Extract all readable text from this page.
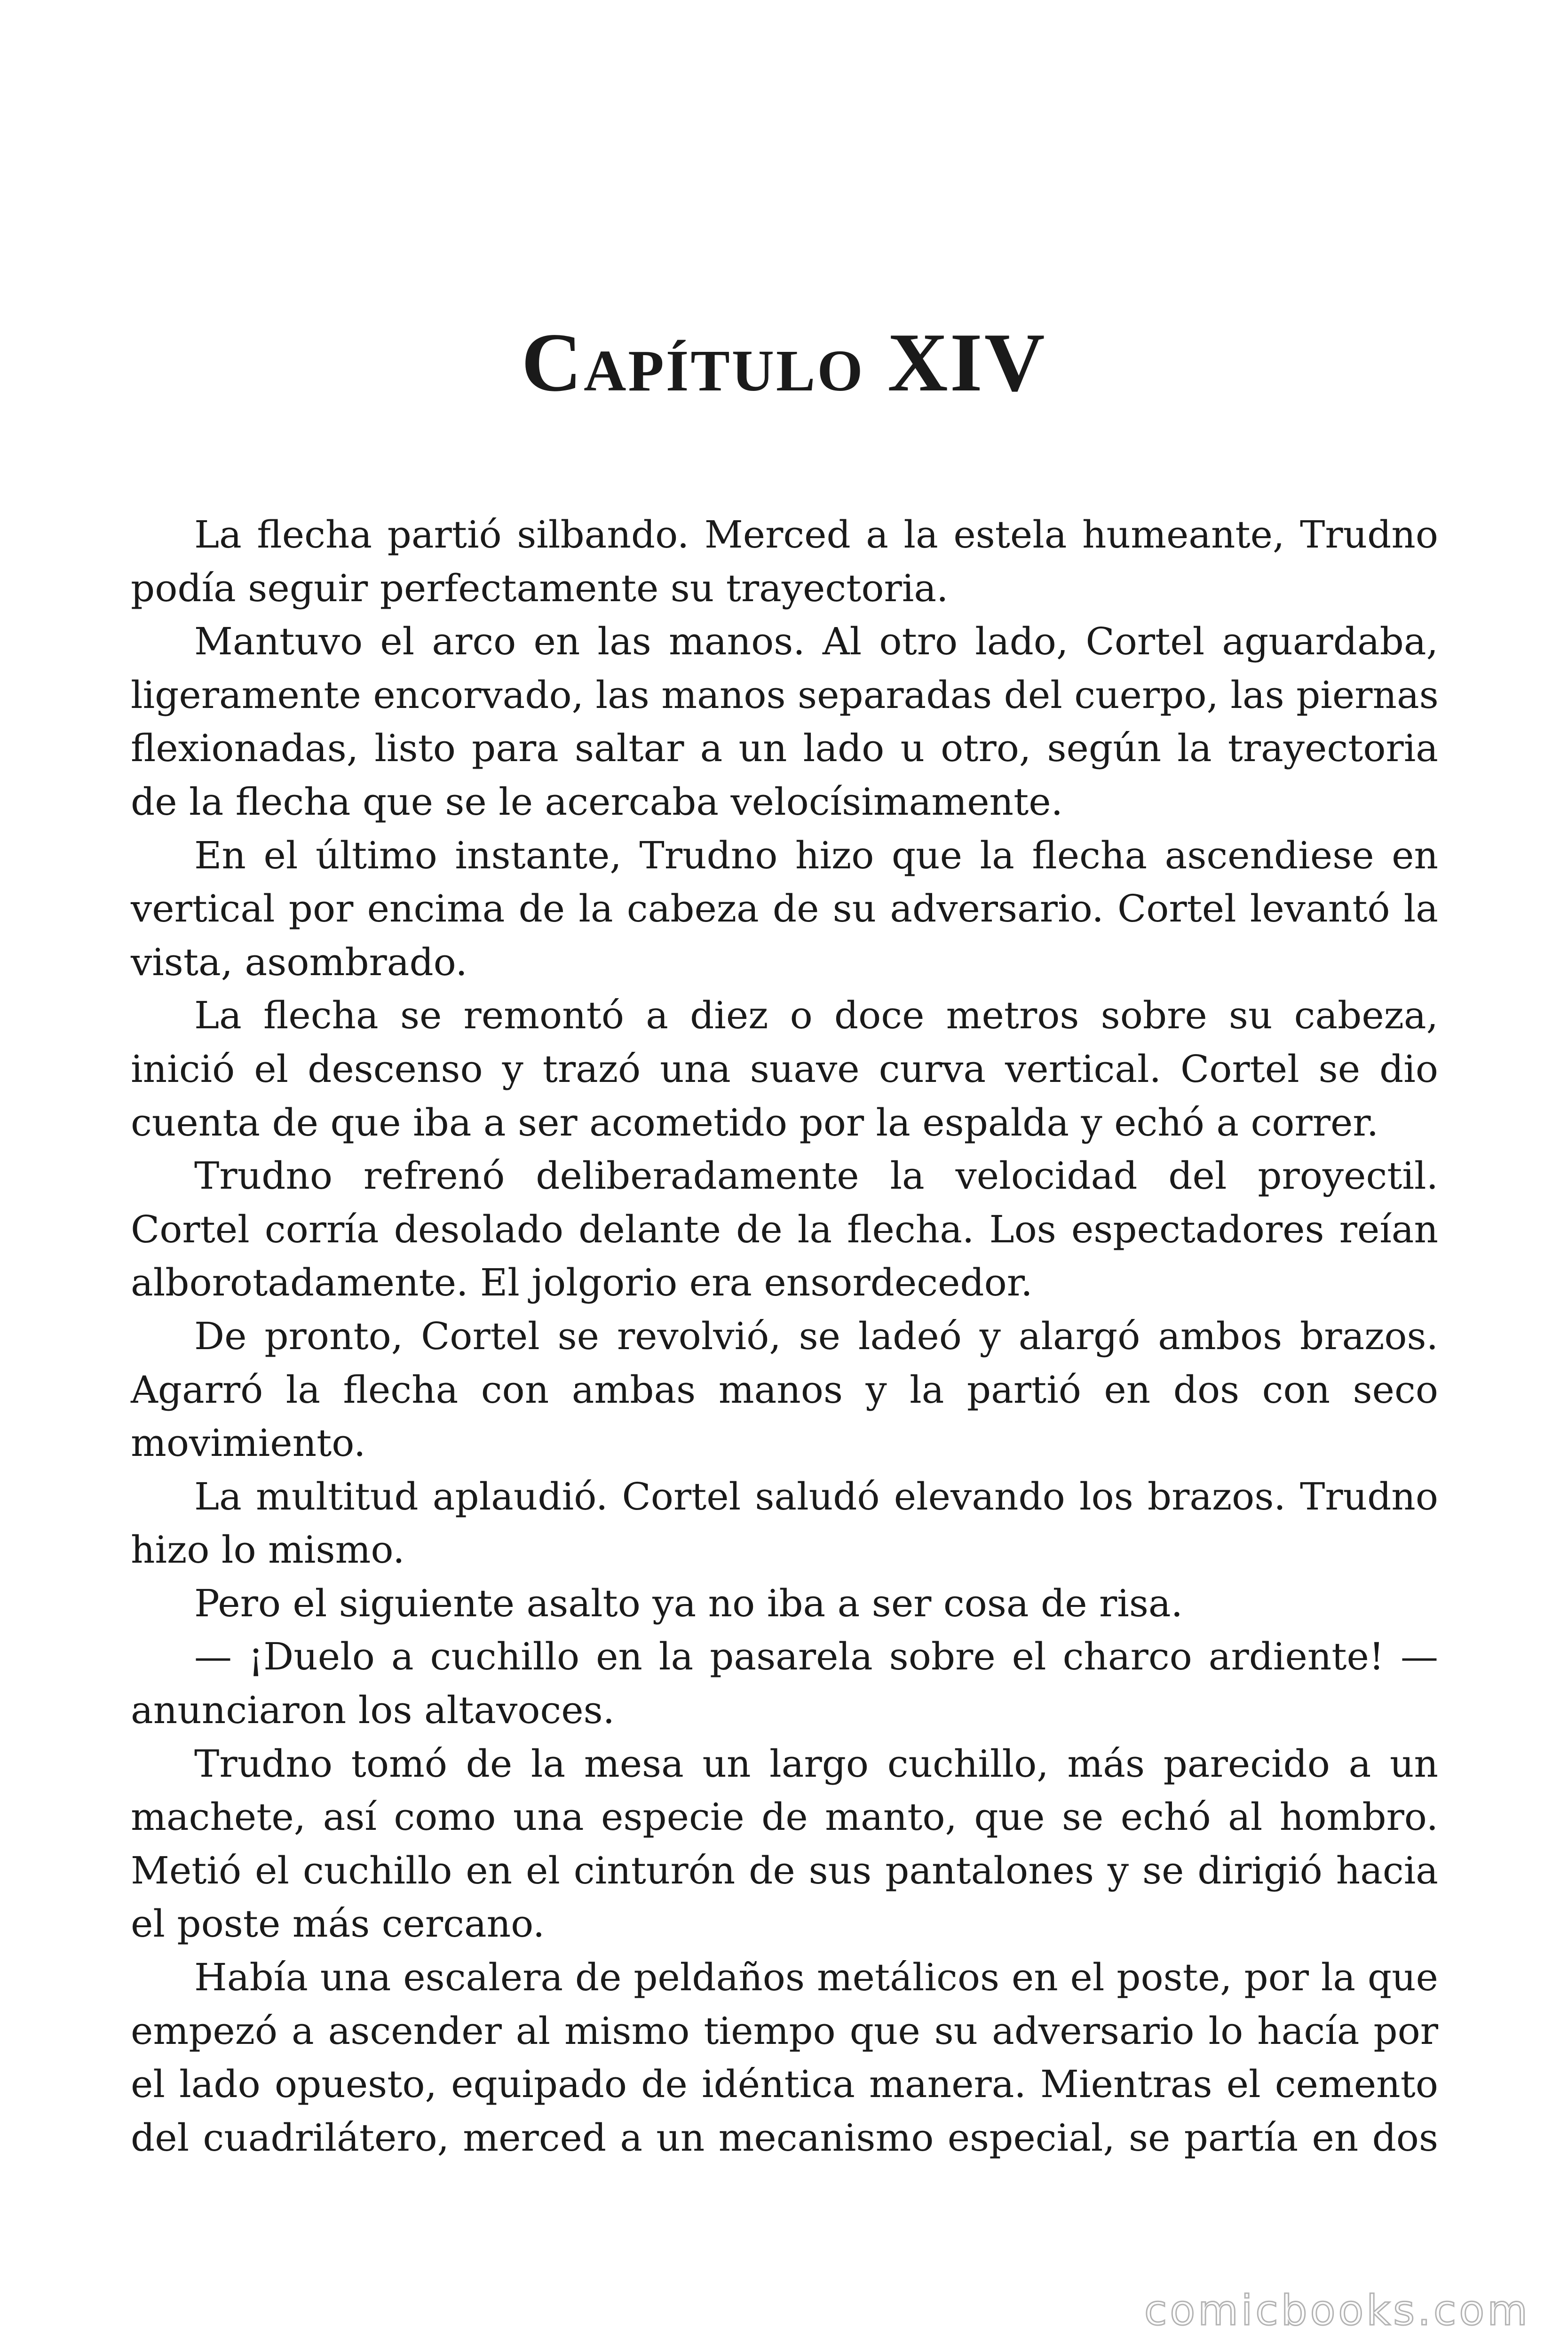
Capítulo XIV
La flecha partió silbando. Merced a la estela humeante, Trudno
podía seguir perfectamente su trayectoria.
Mantuvo el arco en las manos. Al otro lado, Cortel aguardaba,
ligeramente encorvado, las manos separadas del cuerpo, las piernas
flexionadas, listo para saltar a un lado u otro, según la trayectoria
de la flecha que se le acercaba velocísimamente.
En el último instante, Trudno hizo que la flecha ascendiese en
vertical por encima de la cabeza de su adversario. Cortel levantó la
vista, asombrado.
La flecha se remontó a diez o doce metros sobre su cabeza,
inició el descenso y trazó una suave curva vertical. Cortel se dio
cuenta de que iba a ser acometido por la espalda y echó a correr.
Trudno refrenó deliberadamente la velocidad del proyectil.
Cortel corría desolado delante de la flecha. Los espectadores reían
alborotadamente. El jolgorio era ensordecedor.
De pronto, Cortel se revolvió, se ladeó y alargó ambos brazos.
Agarró la flecha con ambas manos y la partió en dos con seco
movimiento.
La multitud aplaudió. Cortel saludó elevando los brazos. Trudno
hizo lo mismo.
Pero el siguiente asalto ya no iba a ser cosa de risa.
— ¡Duelo a cuchillo en la pasarela sobre el charco ardiente! —
anunciaron los altavoces.
Trudno tomó de la mesa un largo cuchillo, más parecido a un
machete, así como una especie de manto, que se echó al hombro.
Metió el cuchillo en el cinturón de sus pantalones y se dirigió hacia
el poste más cercano.
Había una escalera de peldaños metálicos en el poste, por la que
empezó a ascender al mismo tiempo que su adversario lo hacía por
el lado opuesto, equipado de idéntica manera. Mientras el cemento
del cuadrilátero, merced a un mecanismo especial, se partía en dos
comicbooks.com
